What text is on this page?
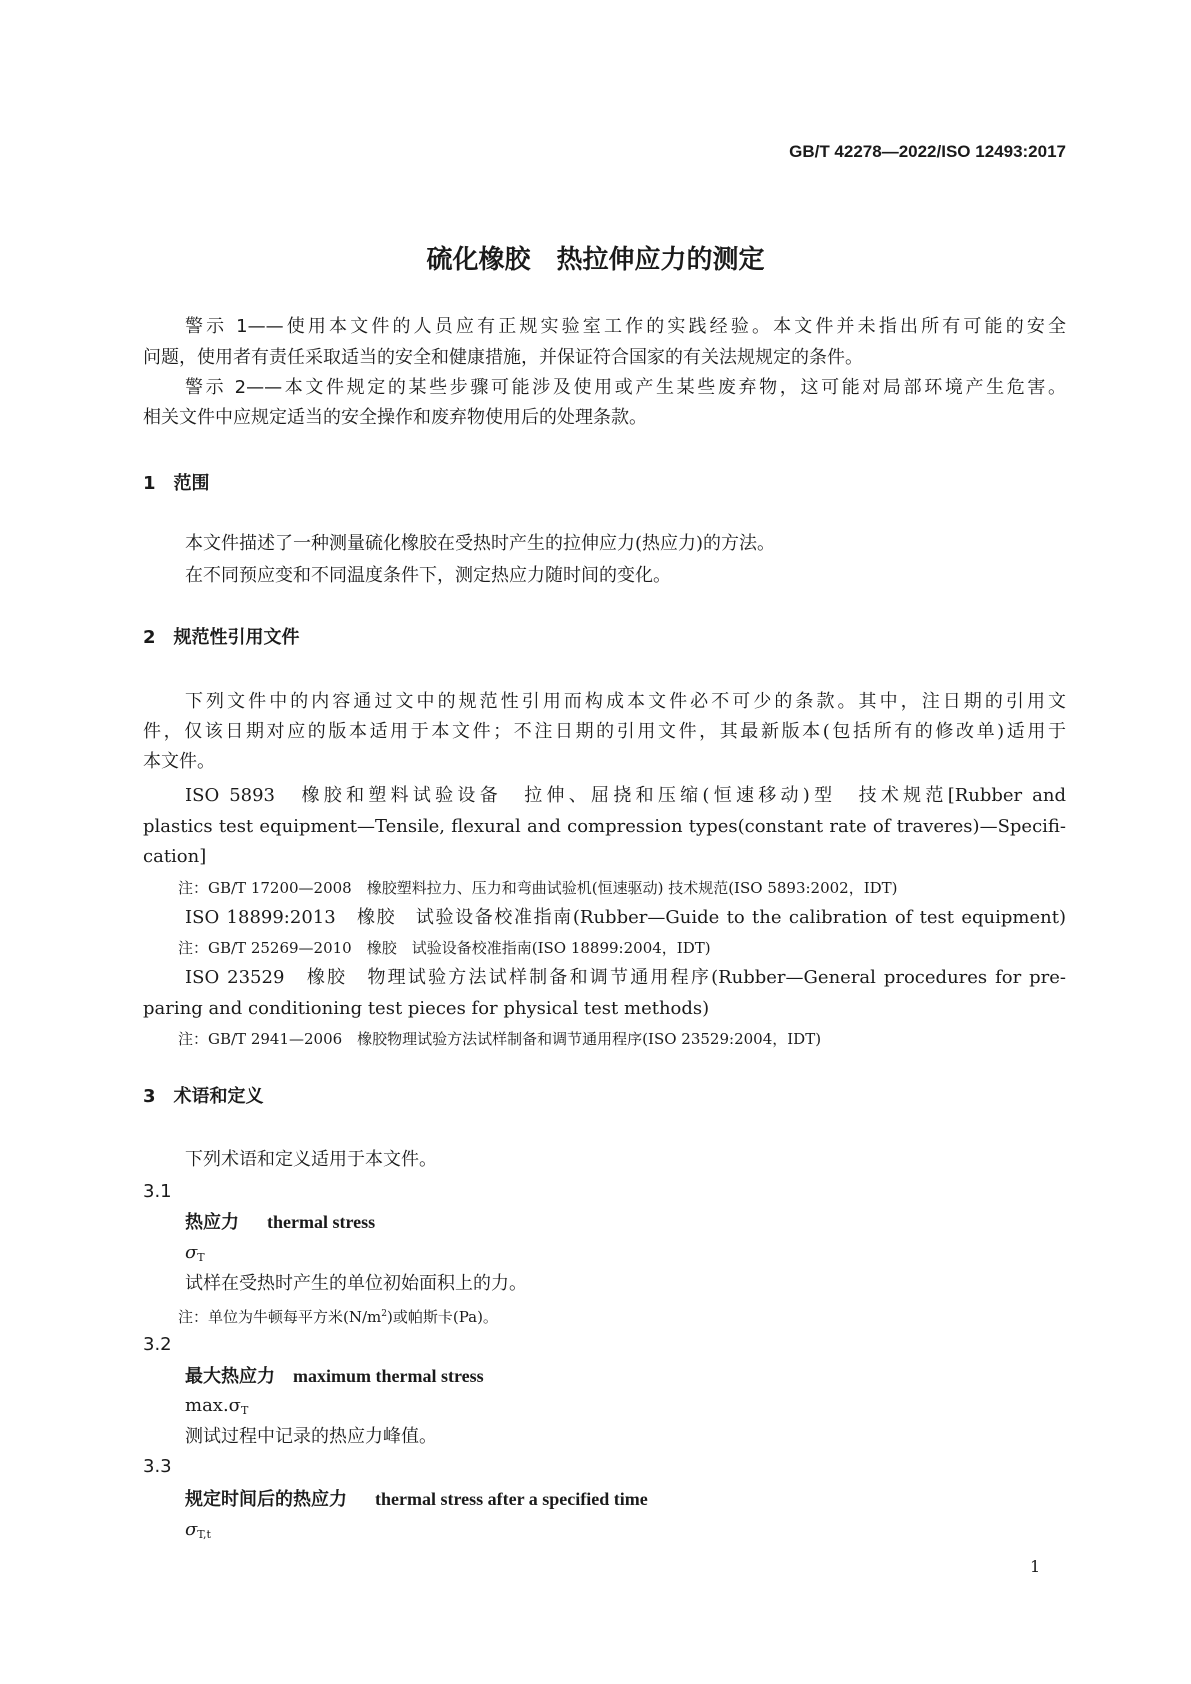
GB/T 42278—2022/ISO 12493:2017
硫化橡胶　热拉伸应力的测定
警示 1——使用本文件的人员应有正规实验室工作的实践经验。本文件并未指出所有可能的安全
问题，使用者有责任采取适当的安全和健康措施，并保证符合国家的有关法规规定的条件。
警示 2——本文件规定的某些步骤可能涉及使用或产生某些废弃物，这可能对局部环境产生危害。
相关文件中应规定适当的安全操作和废弃物使用后的处理条款。
1 范围
本文件描述了一种测量硫化橡胶在受热时产生的拉伸应力(热应力)的方法。
在不同预应变和不同温度条件下，测定热应力随时间的变化。
2 规范性引用文件
下列文件中的内容通过文中的规范性引用而构成本文件必不可少的条款。其中，注日期的引用文
件，仅该日期对应的版本适用于本文件；不注日期的引用文件，其最新版本(包括所有的修改单)适用于
本文件。
ISO 5893　橡胶和塑料试验设备　拉伸、屈挠和压缩(恒速移动)型　技术规范[Rubber and
plastics test equipment—Tensile, flexural and compression types(constant rate of traveres)—Specifi-
cation]
注：GB/T 17200—2008　橡胶塑料拉力、压力和弯曲试验机(恒速驱动) 技术规范(ISO 5893:2002，IDT)
ISO 18899:2013　橡胶　试验设备校准指南(Rubber—Guide to the calibration of test equipment)
注：GB/T 25269—2010　橡胶　试验设备校准指南(ISO 18899:2004，IDT)
ISO 23529　橡胶　物理试验方法试样制备和调节通用程序(Rubber—General procedures for pre-
paring and conditioning test pieces for physical test methods)
注：GB/T 2941—2006　橡胶物理试验方法试样制备和调节通用程序(ISO 23529:2004，IDT)
3 术语和定义
下列术语和定义适用于本文件。
3.1
热应力 thermal stress
$\sigma_T$
试样在受热时产生的单位初始面积上的力。
注：单位为牛顿每平方米$(N/m^2)$或帕斯卡(Pa)。
3.2
最大热应力 maximum thermal stress
$\max.\sigma_T$
测试过程中记录的热应力峰值。
3.3
规定时间后的热应力 thermal stress after a specified time
$\sigma_{T,t}$
1
